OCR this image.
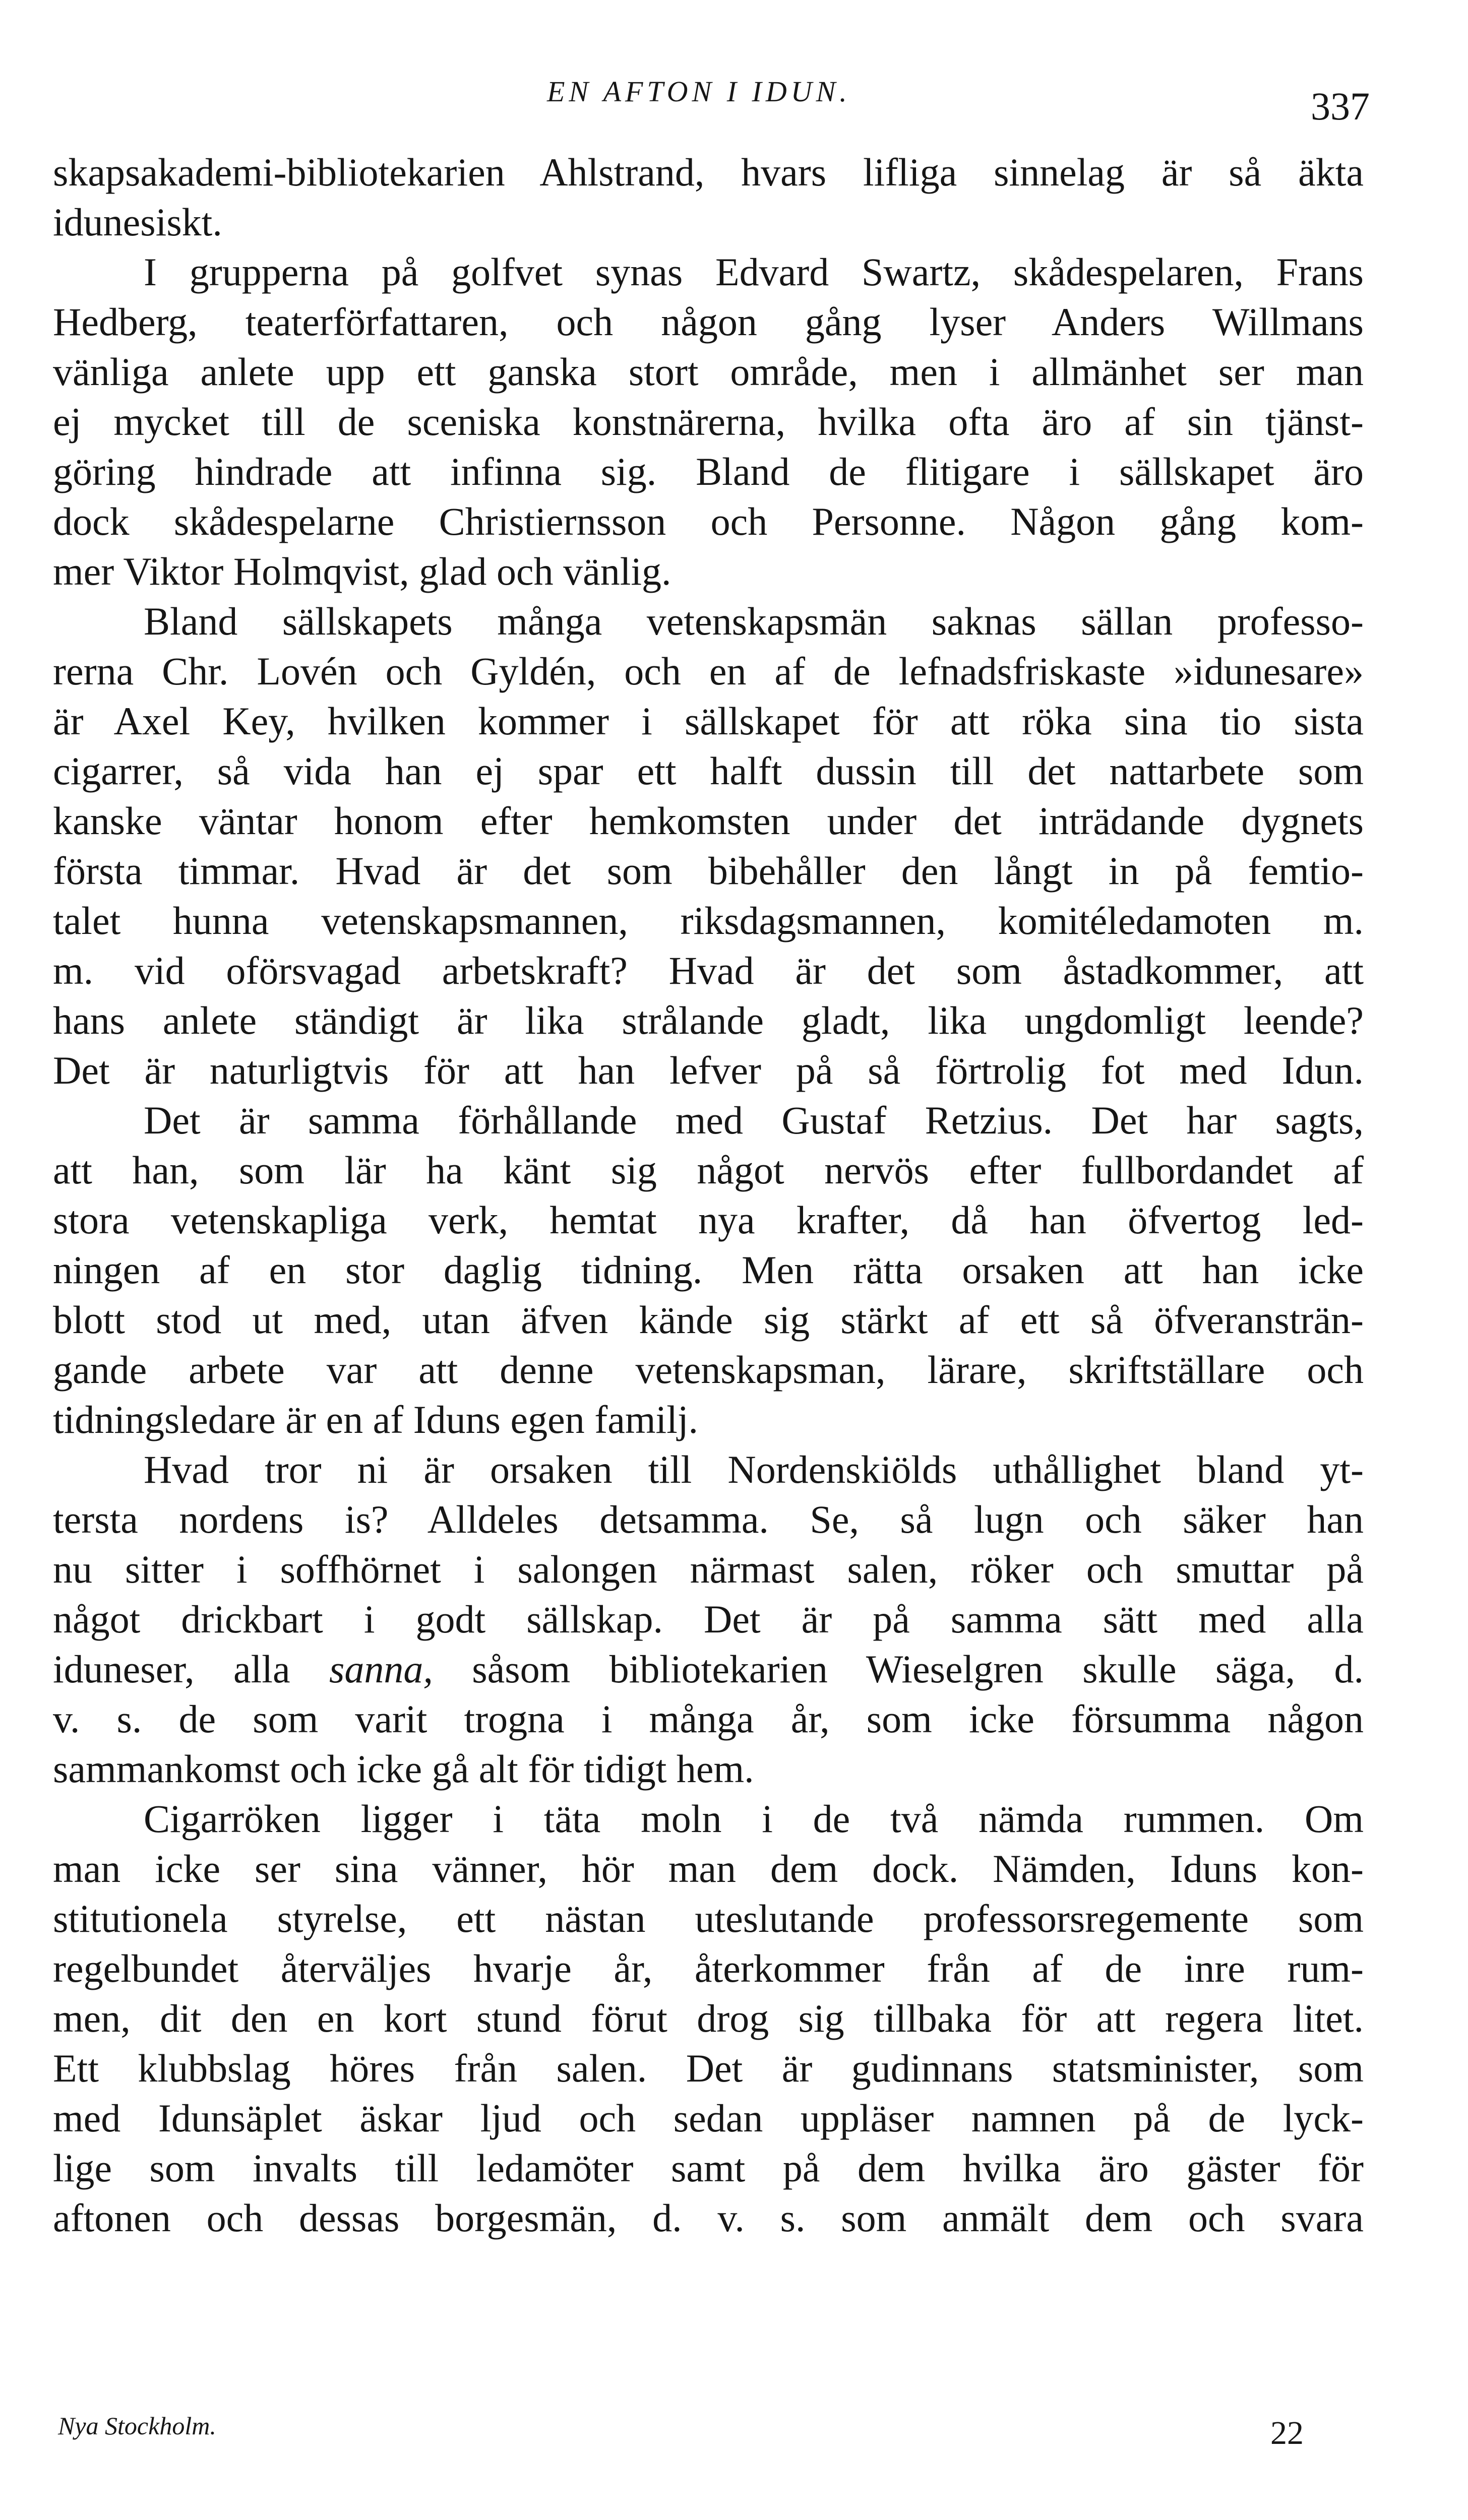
EN AFTON I IDUN.	337
skapsakademi-bibliotekarien Ahlstrand, hvars lifliga sinnelag är så äkta
idunesiskt.
I grupperna på golfvet synas Edvard Swartz, skådespelaren, Frans
Hedberg, teaterförfattaren, och någon gång lyser Anders Willmans
vänliga anlete upp ett ganska stort område, men i allmänhet ser man
ej mycket till de sceniska konstnärerna, hvilka ofta äro af sin tjänst-
göring hindrade att infinna sig. Bland de flitigare i sällskapet äro
dock skådespelarne Christiernsson och Personne. Någon gång kom-
mer Viktor Holmqvist, glad och vänlig.
Bland sällskapets många vetenskapsmän saknas sällan professo-
rerna Chr. Lovén och Gyldén, och en af de lefnadsfriskaste »idunesare»
är Axel Key, hvilken kommer i sällskapet för att röka sina tio sista
cigarrer, så vida han ej spar ett halft dussin till det nattarbete som
kanske väntar honom efter hemkomsten under det inträdande dygnets
första timmar. Hvad är det som bibehåller den långt in på femtio-
talet hunna vetenskapsmannen, riksdagsmannen, komitéledamoten m.
m. vid oförsvagad arbetskraft? Hvad är det som åstadkommer, att
hans anlete ständigt är lika strålande gladt, lika ungdomligt leende?
Det är naturligtvis för att han lefver på så förtrolig fot med Idun.
Det är samma förhållande med Gustaf Retzius. Det har sagts,
att han, som lär ha känt sig något nervös efter fullbordandet af
stora vetenskapliga verk, hemtat nya krafter, då han öfvertog led-
ningen af en stor daglig tidning. Men rätta orsaken att han icke
blott stod ut med, utan äfven kände sig stärkt af ett så öfveransträn-
gande arbete var att denne vetenskapsman, lärare, skriftställare och
tidningsledare är en af Iduns egen familj.
Hvad tror ni är orsaken till Nordenskiölds uthållighet bland yt-
tersta nordens is? Alldeles detsamma. Se, så lugn och säker han
nu sitter i soffhörnet i salongen närmast salen, röker och smuttar på
något drickbart i godt sällskap. Det är på samma sätt med alla
iduneser, alla sanna, såsom bibliotekarien Wieselgren skulle säga, d.
v. s. de som varit trogna i många år, som icke försumma någon
sammankomst och icke gå alt för tidigt hem.
Cigarröken ligger i täta moln i de två nämda rummen. Om
man icke ser sina vänner, hör man dem dock. Nämden, Iduns kon-
stitutionela styrelse, ett nästan uteslutande professorsregemente som
regelbundet återväljes hvarje år, återkommer från af de inre rum-
men, dit den en kort stund förut drog sig tillbaka för att regera litet.
Ett klubbslag höres från salen. Det är gudinnans statsminister, som
med Idunsäplet äskar ljud och sedan uppläser namnen på de lyck-
lige som invalts till ledamöter samt på dem hvilka äro gäster för
aftonen och dessas borgesmän, d. v. s. som anmält dem och svara
Nya Stockholm.	22
